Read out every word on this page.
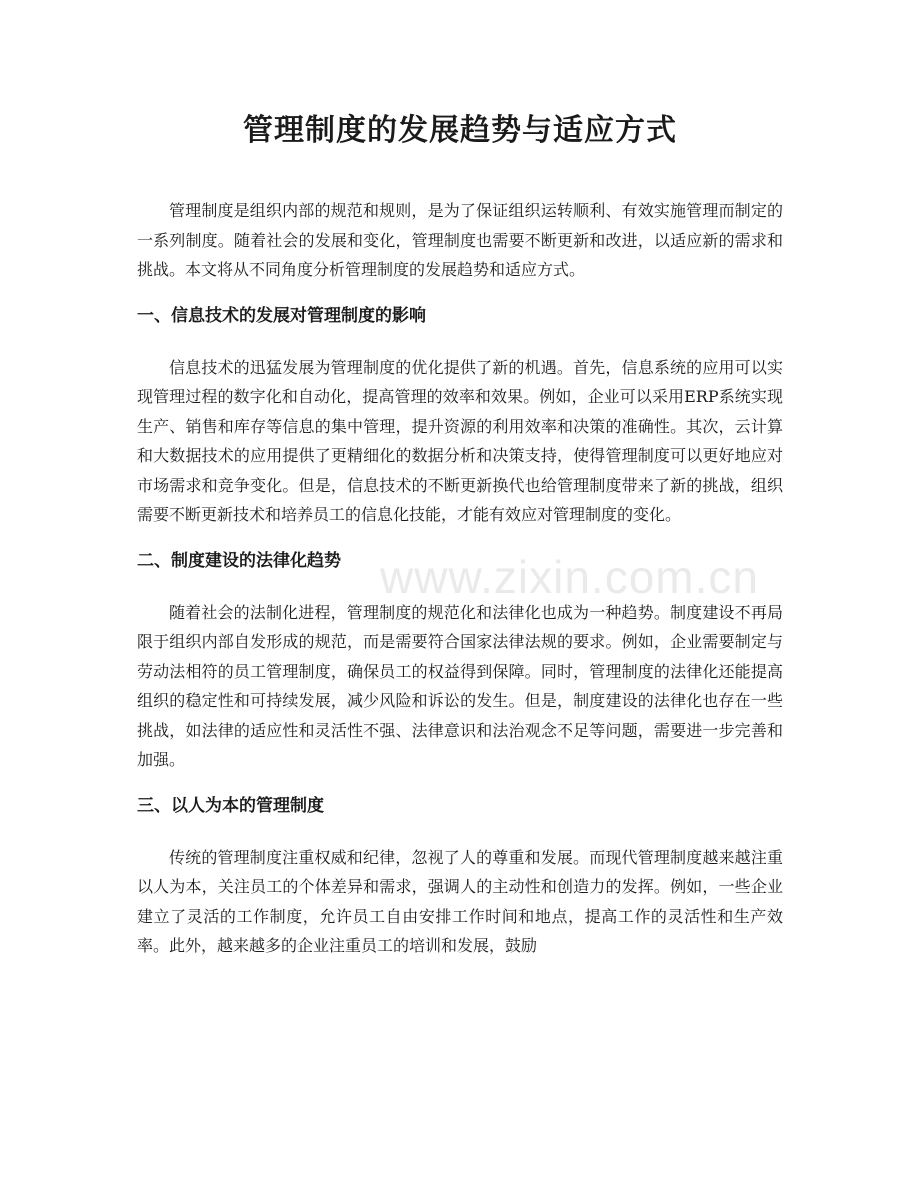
管理制度的发展趋势与适应方式

管理制度是组织内部的规范和规则，是为了保证组织运转顺利、有效实施管理而制定的一系列制度。随着社会的发展和变化，管理制度也需要不断更新和改进，以适应新的需求和挑战。本文将从不同角度分析管理制度的发展趋势和适应方式。

一、信息技术的发展对管理制度的影响

信息技术的迅猛发展为管理制度的优化提供了新的机遇。首先，信息系统的应用可以实现管理过程的数字化和自动化，提高管理的效率和效果。例如，企业可以采用ERP系统实现生产、销售和库存等信息的集中管理，提升资源的利用效率和决策的准确性。其次，云计算和大数据技术的应用提供了更精细化的数据分析和决策支持，使得管理制度可以更好地应对市场需求和竞争变化。但是，信息技术的不断更新换代也给管理制度带来了新的挑战，组织需要不断更新技术和培养员工的信息化技能，才能有效应对管理制度的变化。

二、制度建设的法律化趋势

随着社会的法制化进程，管理制度的规范化和法律化也成为一种趋势。制度建设不再局限于组织内部自发形成的规范，而是需要符合国家法律法规的要求。例如，企业需要制定与劳动法相符的员工管理制度，确保员工的权益得到保障。同时，管理制度的法律化还能提高组织的稳定性和可持续发展，减少风险和诉讼的发生。但是，制度建设的法律化也存在一些挑战，如法律的适应性和灵活性不强、法律意识和法治观念不足等问题，需要进一步完善和加强。

三、以人为本的管理制度

传统的管理制度注重权威和纪律，忽视了人的尊重和发展。而现代管理制度越来越注重以人为本，关注员工的个体差异和需求，强调人的主动性和创造力的发挥。例如，一些企业建立了灵活的工作制度，允许员工自由安排工作时间和地点，提高工作的灵活性和生产效率。此外，越来越多的企业注重员工的培训和发展，鼓励

www.zixin.com.cn
